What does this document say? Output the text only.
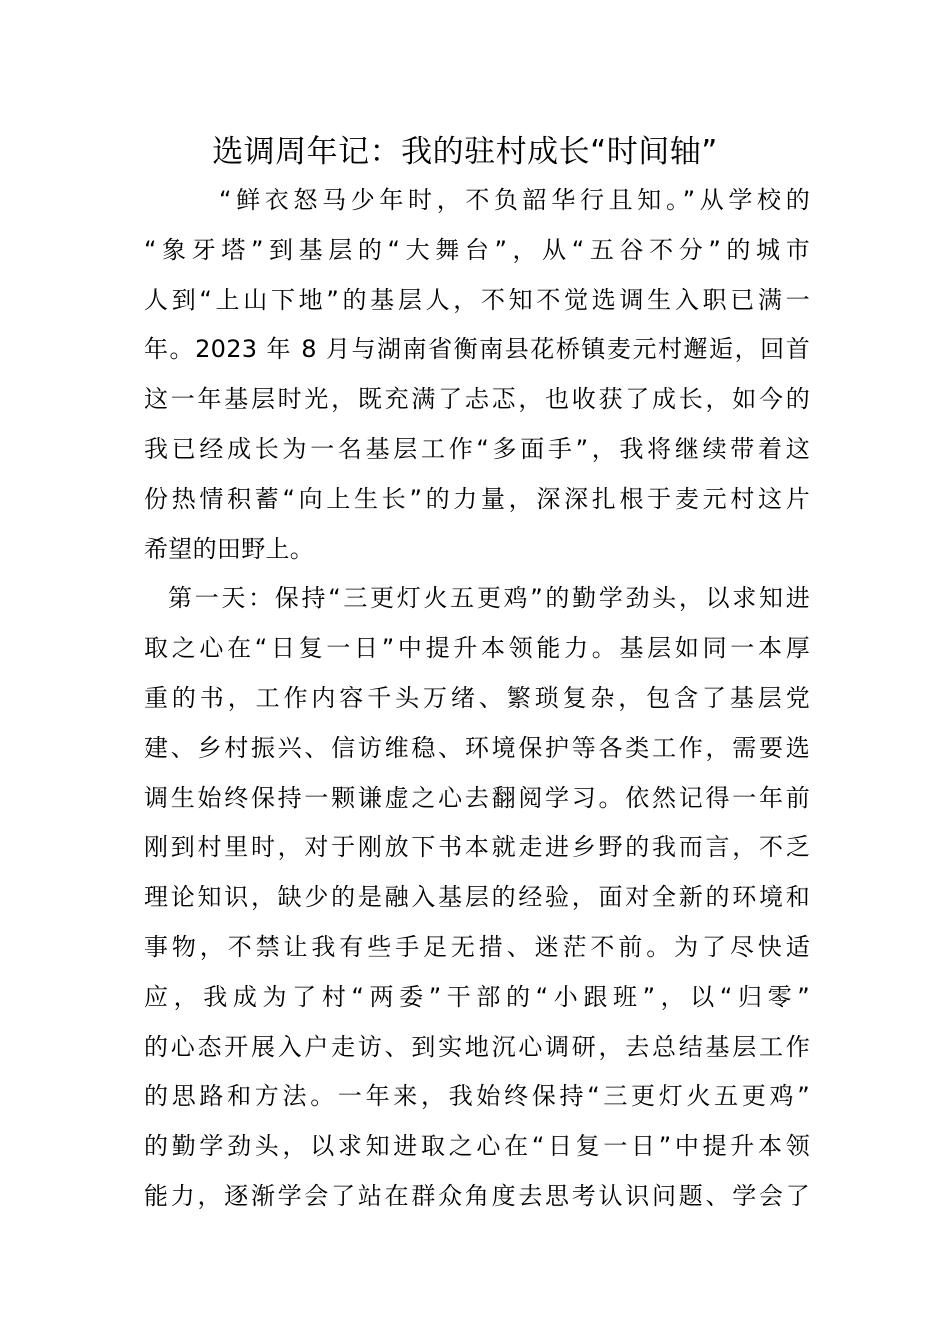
选调周年记：我的驻村成长“时间轴”
“鲜衣怒马少年时，不负韶华行且知。”从学校的
“象牙塔”到基层的“大舞台”，从“五谷不分”的城市
人到“上山下地”的基层人，不知不觉选调生入职已满一
年。2023 年 8 月与湖南省衡南县花桥镇麦元村邂逅，回首
这一年基层时光，既充满了忐忑，也收获了成长，如今的
我已经成长为一名基层工作“多面手”，我将继续带着这
份热情积蓄“向上生长”的力量，深深扎根于麦元村这片
希望的田野上。
第一天：保持“三更灯火五更鸡”的勤学劲头，以求知进
取之心在“日复一日”中提升本领能力。基层如同一本厚
重的书，工作内容千头万绪、繁琐复杂，包含了基层党
建、乡村振兴、信访维稳、环境保护等各类工作，需要选
调生始终保持一颗谦虚之心去翻阅学习。依然记得一年前
刚到村里时，对于刚放下书本就走进乡野的我而言，不乏
理论知识，缺少的是融入基层的经验，面对全新的环境和
事物，不禁让我有些手足无措、迷茫不前。为了尽快适
应，我成为了村“两委”干部的“小跟班”，以“归零”
的心态开展入户走访、到实地沉心调研，去总结基层工作
的思路和方法。一年来，我始终保持“三更灯火五更鸡”
的勤学劲头，以求知进取之心在“日复一日”中提升本领
能力，逐渐学会了站在群众角度去思考认识问题、学会了
